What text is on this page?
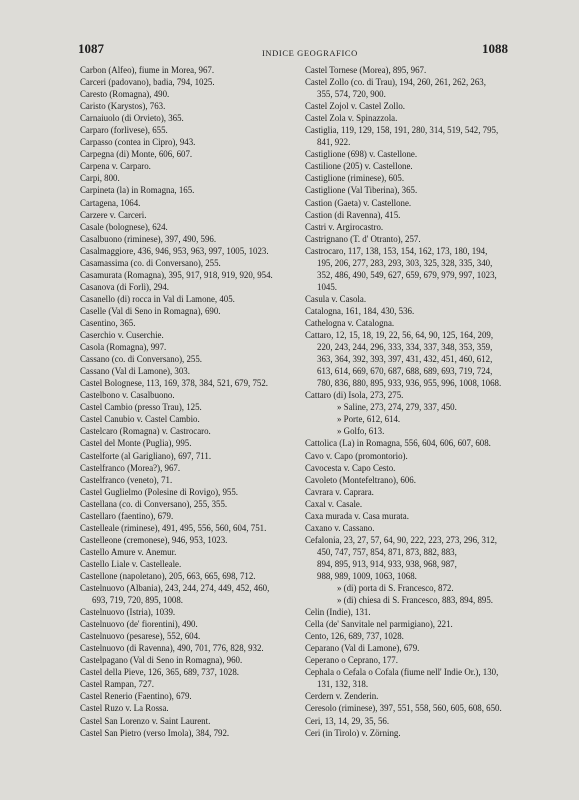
1087	INDICE GEOGRAFICO	1088
Carbon (Alfeo), fiume in Morea, 967.
Carceri (padovano), badia, 794, 1025.
Caresto (Romagna), 490.
Caristo (Karystos), 763.
Carnaiuolo (di Orvieto), 365.
Carparo (forlivese), 655.
Carpasso (contea in Cipro), 943.
Carpegna (di) Monte, 606, 607.
Carpena v. Carparo.
Carpi, 800.
Carpineta (la) in Romagna, 165.
Cartagena, 1064.
Carzere v. Carceri.
Casale (bolognese), 624.
Casalbuono (riminese), 397, 490, 596.
Casalmaggiore, 436, 946, 953, 963, 997, 1005, 1023.
Casamassima (co. di Conversano), 255.
Casamurata (Romagna), 395, 917, 918, 919, 920, 954.
Casanova (di Forlì), 294.
Casanello (di) rocca in Val di Lamone, 405.
Caselle (Val di Seno in Romagna), 690.
Casentino, 365.
Caserchio v. Cuserchie.
Casola (Romagna), 997.
Cassano (co. di Conversano), 255.
Cassano (Val di Lamone), 303.
Castel Bolognese, 113, 169, 378, 384, 521, 679, 752.
Castelbono v. Casalbuono.
Castel Cambio (presso Trau), 125.
Castel Canubio v. Castel Cambio.
Castelcaro (Romagna) v. Castrocaro.
Castel del Monte (Puglia), 995.
Castelforte (al Garigliano), 697, 711.
Castelfranco (Morea?), 967.
Castelfranco (veneto), 71.
Castel Guglielmo (Polesine di Rovigo), 955.
Castellana (co. di Conversano), 255, 355.
Castellaro (faentino), 679.
Castelleale (riminese), 491, 495, 556, 560, 604, 751.
Castelleone (cremonese), 946, 953, 1023.
Castello Amure v. Anemur.
Castello Liale v. Castelleale.
Castellone (napoletano), 205, 663, 665, 698, 712.
Castelnuovo (Albania), 243, 244, 274, 449, 452, 460,
693, 719, 720, 895, 1008.
Castelnuovo (Istria), 1039.
Castelnuovo (de' fiorentini), 490.
Castelnuovo (pesarese), 552, 604.
Castelnuovo (di Ravenna), 490, 701, 776, 828, 932.
Castelpagano (Val di Seno in Romagna), 960.
Castel della Pieve, 126, 365, 689, 737, 1028.
Castel Rampan, 727.
Castel Renerio (Faentino), 679.
Castel Ruzo v. La Rossa.
Castel San Lorenzo v. Saint Laurent.
Castel San Pietro (verso Imola), 384, 792.
Castel Tornese (Morea), 895, 967.
Castel Zollo (co. di Trau), 194, 260, 261, 262, 263,
355, 574, 720, 900.
Castel Zojol v. Castel Zollo.
Castel Zola v. Spinazzola.
Castiglia, 119, 129, 158, 191, 280, 314, 519, 542, 795,
841, 922.
Castiglione (698) v. Castellone.
Castilione (205) v. Castellone.
Castiglione (riminese), 605.
Castiglione (Val Tiberina), 365.
Castion (Gaeta) v. Castellone.
Castion (di Ravenna), 415.
Castri v. Argirocastro.
Castrignano (T. d' Otranto), 257.
Castrocaro, 117, 138, 153, 154, 162, 173, 180, 194,
195, 206, 277, 283, 293, 303, 325, 328, 335, 340,
352, 486, 490, 549, 627, 659, 679, 979, 997, 1023,
1045.
Casula v. Casola.
Catalogna, 161, 184, 430, 536.
Cathelogna v. Catalogna.
Cattaro, 12, 15, 18, 19, 22, 56, 64, 90, 125, 164, 209,
220, 243, 244, 296, 333, 334, 337, 348, 353, 359,
363, 364, 392, 393, 397, 431, 432, 451, 460, 612,
613, 614, 669, 670, 687, 688, 689, 693, 719, 724,
780, 836, 880, 895, 933, 936, 955, 996, 1008, 1068.
Cattaro (di) Isola, 273, 275.
» Saline, 273, 274, 279, 337, 450.
» Porte, 612, 614.
» Golfo, 613.
Cattolica (La) in Romagna, 556, 604, 606, 607, 608.
Cavo v. Capo (promontorio).
Cavocesta v. Capo Cesto.
Cavoleto (Montefeltrano), 606.
Cavrara v. Caprara.
Caxal v. Casale.
Caxa murada v. Casa murata.
Caxano v. Cassano.
Cefalonia, 23, 27, 57, 64, 90, 222, 223, 273, 296, 312,
450, 747, 757, 854, 871, 873, 882, 883,
894, 895, 913, 914, 933, 938, 968, 987,
988, 989, 1009, 1063, 1068.
» (di) porta di S. Francesco, 872.
» (di) chiesa di S. Francesco, 883, 894, 895.
Celin (Indie), 131.
Cella (de' Sanvitale nel parmigiano), 221.
Cento, 126, 689, 737, 1028.
Ceparano (Val di Lamone), 679.
Ceperano o Ceprano, 177.
Cephala o Cefala o Cofala (fiume nell' Indie Or.), 130,
131, 132, 318.
Cerdern v. Zenderin.
Ceresolo (riminese), 397, 551, 558, 560, 605, 608, 650.
Ceri, 13, 14, 29, 35, 56.
Ceri (in Tirolo) v. Zörning.
